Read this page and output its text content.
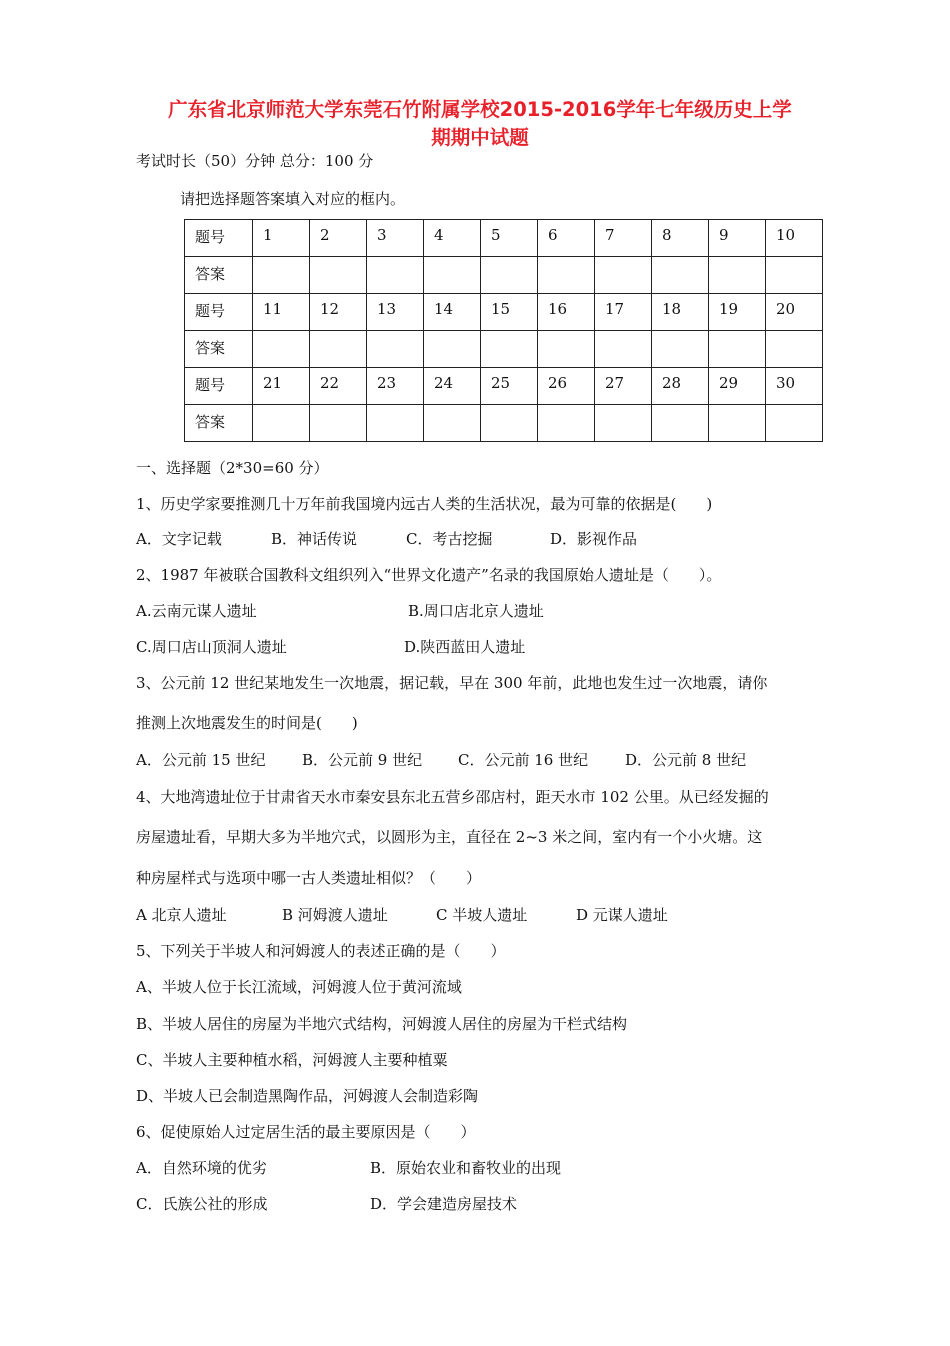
广东省北京师范大学东莞石竹附属学校2015-2016学年七年级历史上学
期期中试题
考试时长（50）分钟 总分：100 分
请把选择题答案填入对应的框内。
题号	1	2	3	4	5	6	7	8	9	10
答案										
题号	11	12	13	14	15	16	17	18	19	20
答案										
题号	21	22	23	24	25	26	27	28	29	30
答案										
一、选择题（2*30=60 分）
1、历史学家要推测几十万年前我国境内远古人类的生活状况，最为可靠的依据是(　　)
A．文字记载	B．神话传说	C．考古挖掘	D．影视作品
2、1987 年被联合国教科文组织列入“世界文化遗产”名录的我国原始人遗址是（　　）。
A.云南元谋人遗址	B.周口店北京人遗址
C.周口店山顶洞人遗址	D.陕西蓝田人遗址
3、公元前 12 世纪某地发生一次地震，据记载，早在 300 年前，此地也发生过一次地震，请你
推测上次地震发生的时间是(　　)
A．公元前 15 世纪 B．公元前 9 世纪 C．公元前 16 世纪 D．公元前 8 世纪
4、大地湾遗址位于甘肃省天水市秦安县东北五营乡邵店村，距天水市 102 公里。从已经发掘的
房屋遗址看，早期大多为半地穴式，以圆形为主，直径在 2~3 米之间，室内有一个小火塘。这
种房屋样式与选项中哪一古人类遗址相似？（　　）
A 北京人遗址	B 河姆渡人遗址	C 半坡人遗址	D 元谋人遗址
5、下列关于半坡人和河姆渡人的表述正确的是（　　）
A、半坡人位于长江流域，河姆渡人位于黄河流域
B、半坡人居住的房屋为半地穴式结构，河姆渡人居住的房屋为干栏式结构
C、半坡人主要种植水稻，河姆渡人主要种植粟
D、半坡人已会制造黑陶作品，河姆渡人会制造彩陶
6、促使原始人过定居生活的最主要原因是（　　）
A．自然环境的优劣	B．原始农业和畜牧业的出现
C．氏族公社的形成	D．学会建造房屋技术
